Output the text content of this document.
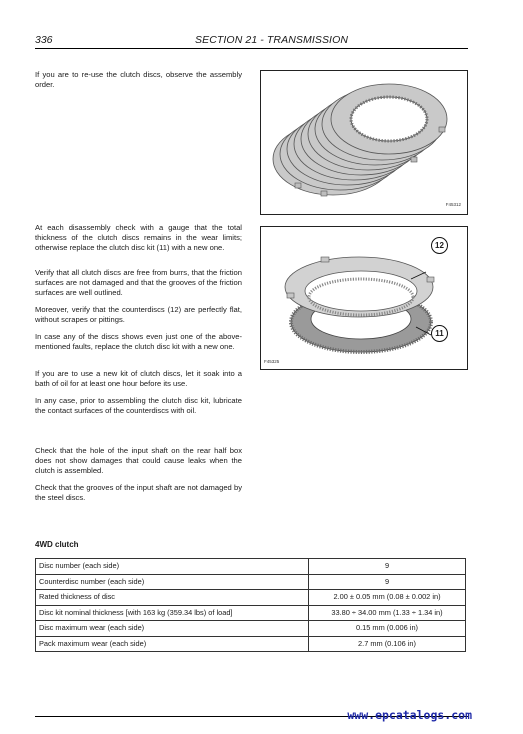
336	SECTION 21 - TRANSMISSION

If you are to re-use the clutch discs, observe the assembly order.

At each disassembly check with a gauge that the total thickness of the clutch discs remains in the wear limits; otherwise replace the clutch disc kit (11) with a new one.

Verify that all clutch discs are free from burrs, that the friction surfaces are not damaged and that the grooves of the friction surfaces are well outlined.

Moreover, verify that the counterdiscs (12) are perfectly flat, without scrapes or pittings.

In case any of the discs shows even just one of the above-mentioned faults, replace the clutch disc kit with a new one.

If you are to use a new kit of clutch discs, let it soak into a bath of oil for at least one hour before its use.

In any case, prior to assembling the clutch disc kit, lubricate the contact surfaces of the counterdiscs with oil.

Check that the hole of the input shaft on the rear half box does not show damages that could cause leaks when the clutch is assembled.

Check that the grooves of the input shaft are not damaged by the steel discs.

F45312
12
11
F45325
4WD clutch
Disc number (each side)	9
Counterdisc number (each side)	9
Rated thickness of disc	2.00 ± 0.05 mm (0.08 ± 0.002 in)
Disc kit nominal thickness [with 163 kg (359.34 lbs) of load]	33.80 ÷ 34.00 mm (1.33 ÷ 1.34 in)
Disc maximum wear (each side)	0.15 mm (0.006 in)
Pack maximum wear (each side)	2.7 mm (0.106 in)
www.epcatalogs.com
